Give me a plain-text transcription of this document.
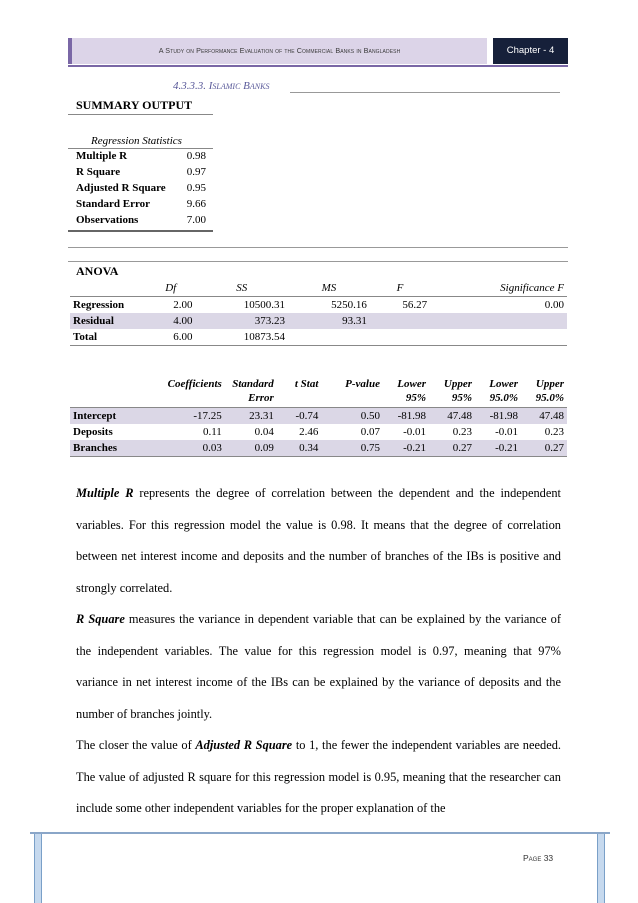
A Study on Performance Evaluation of the Commercial Banks in Bangladesh	Chapter - 4
4.3.3.3. Islamic Banks
SUMMARY OUTPUT
Regression Statistics
Multiple R	0.98
R Square	0.97
Adjusted R Square 0.95
Standard Error	9.66
Observations	7.00
ANOVA
	Df	SS	MS	F	Significance F
Regression	2.00	10500.31	5250.16	56.27	0.00
Residual	4.00	373.23	93.31		
Total	6.00	10873.54			
	Coefficients	Standard Error	t Stat	P-value	Lower 95%	Upper 95%	Lower 95.0%	Upper 95.0%
Intercept	-17.25	23.31	-0.74	0.50	-81.98	47.48	-81.98	47.48
Deposits	0.11	0.04	2.46	0.07	-0.01	0.23	-0.01	0.23
Branches	0.03	0.09	0.34	0.75	-0.21	0.27	-0.21	0.27
Multiple R represents the degree of correlation between the dependent and the independent variables. For this regression model the value is 0.98. It means that the degree of correlation between net interest income and deposits and the number of branches of the IBs is positive and strongly correlated.
R Square measures the variance in dependent variable that can be explained by the variance of the independent variables. The value for this regression model is 0.97, meaning that 97% variance in net interest income of the IBs can be explained by the variance of deposits and the number of branches jointly.
The closer the value of Adjusted R Square to 1, the fewer the independent variables are needed. The value of adjusted R square for this regression model is 0.95, meaning that the researcher can include some other independent variables for the proper explanation of the
Page 33
